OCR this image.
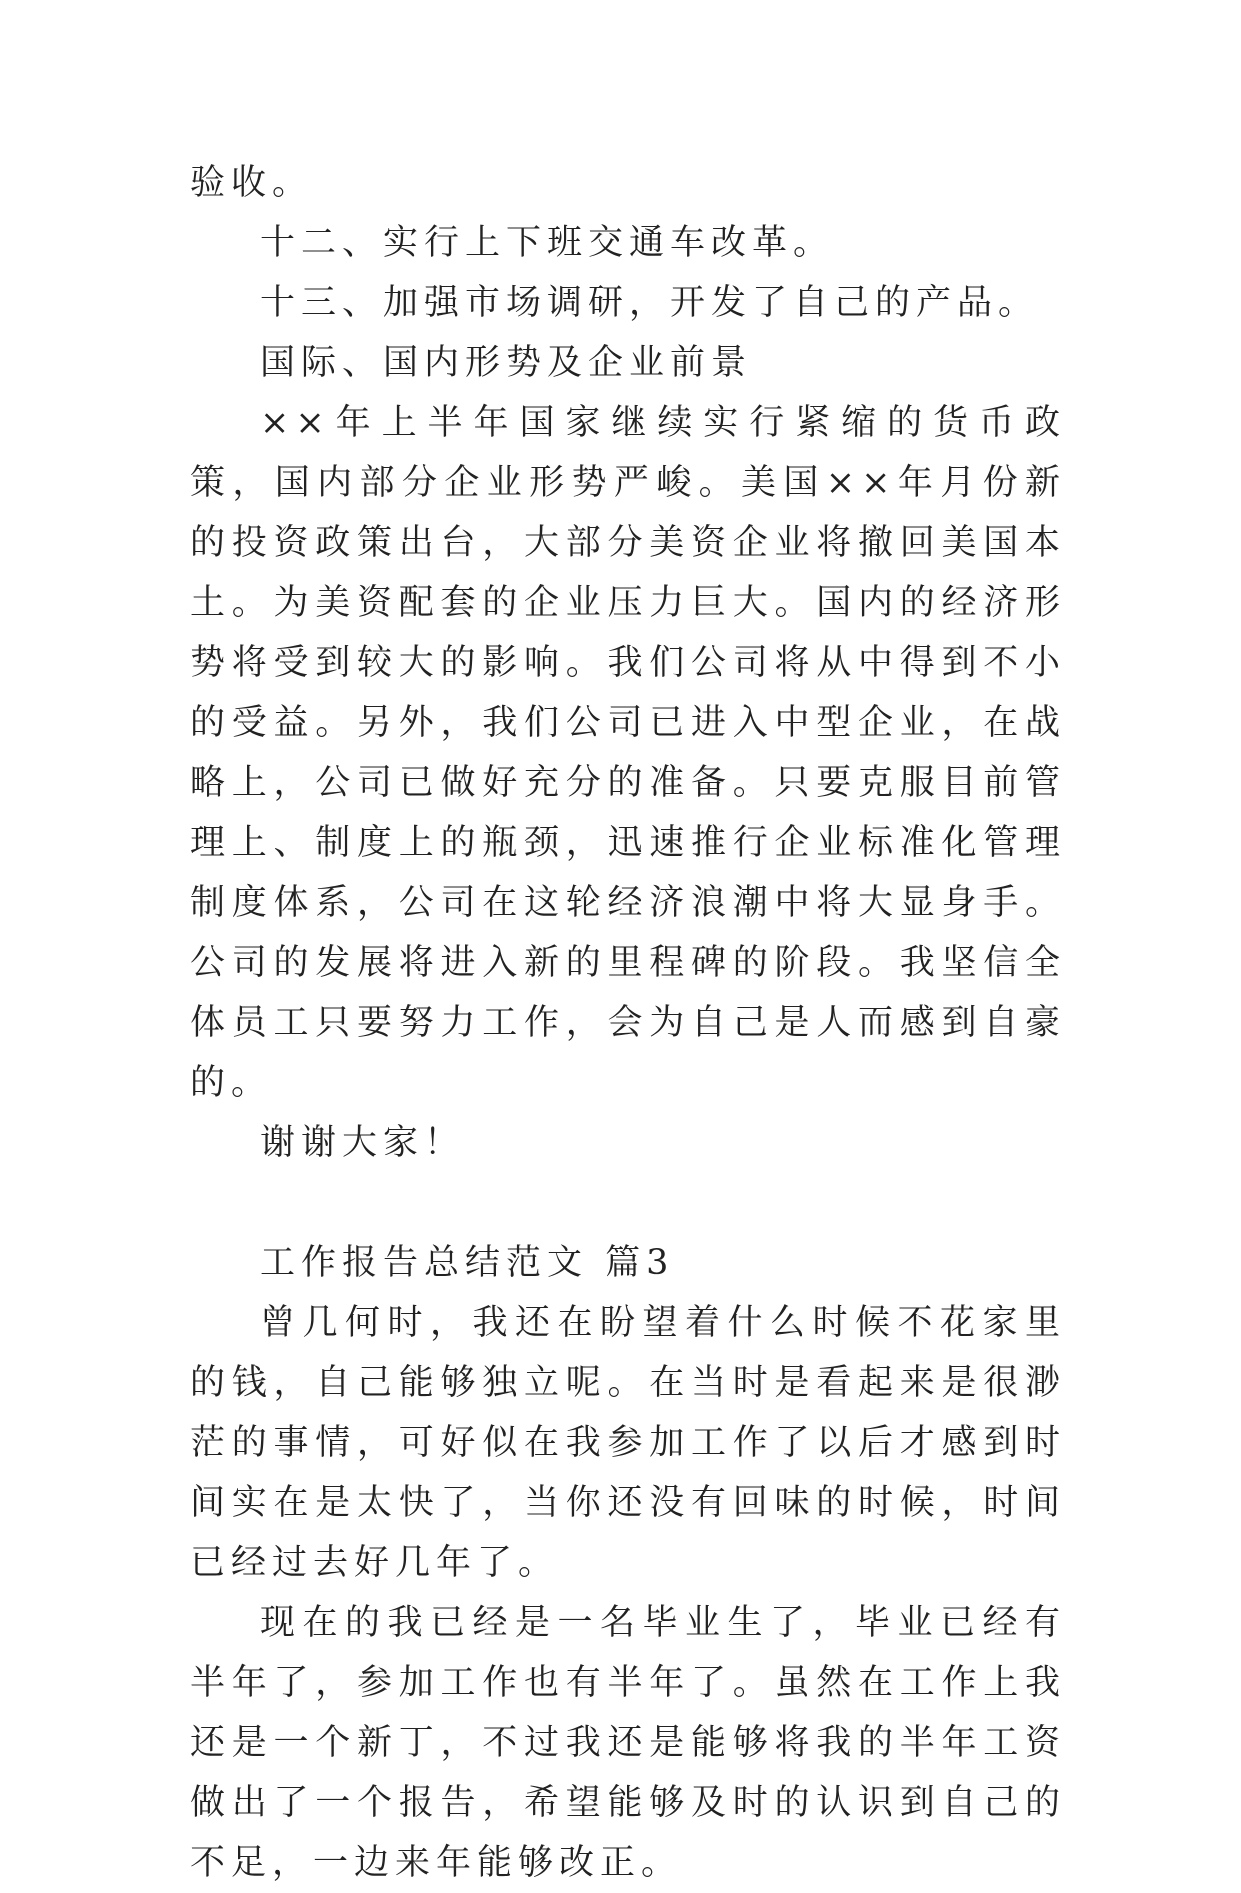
验收。

十二、实行上下班交通车改革。

十三、加强市场调研，开发了自己的产品。

国际、国内形势及企业前景

××年上半年国家继续实行紧缩的货币政策，国内部分企业形势严峻。美国××年月份新的投资政策出台，大部分美资企业将撤回美国本土。为美资配套的企业压力巨大。国内的经济形势将受到较大的影响。我们公司将从中得到不小的受益。另外，我们公司已进入中型企业，在战略上，公司已做好充分的准备。只要克服目前管理上、制度上的瓶颈，迅速推行企业标准化管理制度体系，公司在这轮经济浪潮中将大显身手。公司的发展将进入新的里程碑的阶段。我坚信全体员工只要努力工作，会为自己是人而感到自豪的。

谢谢大家！

工作报告总结范文 篇3

曾几何时，我还在盼望着什么时候不花家里的钱，自己能够独立呢。在当时是看起来是很渺茫的事情，可好似在我参加工作了以后才感到时间实在是太快了，当你还没有回味的时候，时间已经过去好几年了。

现在的我已经是一名毕业生了，毕业已经有半年了，参加工作也有半年了。虽然在工作上我还是一个新丁，不过我还是能够将我的半年工资做出了一个报告，希望能够及时的认识到自己的不足，一边来年能够改正。
